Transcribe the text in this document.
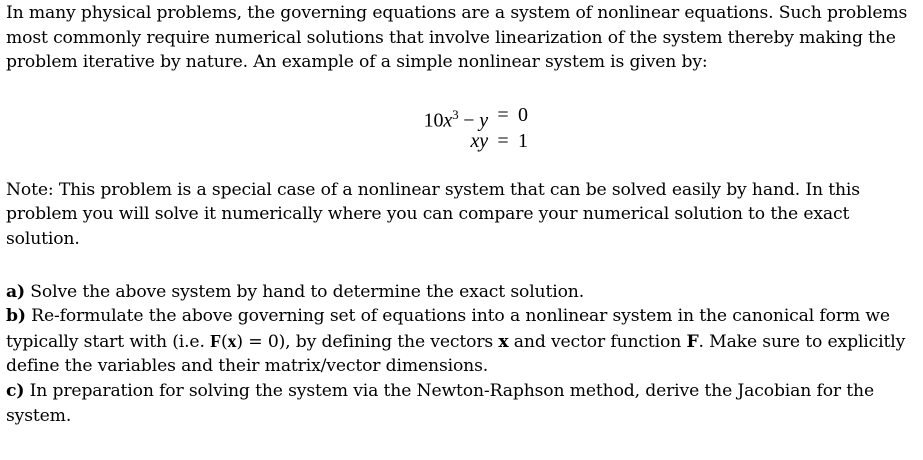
In many physical problems, the governing equations are a system of nonlinear equations. Such problems most commonly require numerical solutions that involve linearization of the system thereby making the problem iterative by nature. An example of a simple nonlinear system is given by:

$10x^3 - y = 0$
xy = 1

Note: This problem is a special case of a nonlinear system that can be solved easily by hand. In this problem you will solve it numerically where you can compare your numerical solution to the exact solution.

a) Solve the above system by hand to determine the exact solution.

b) Re-formulate the above governing set of equations into a nonlinear system in the canonical form we typically start with (i.e. F(x) = 0), by defining the vectors x and vector function F. Make sure to explicitly define the variables and their matrix/vector dimensions.

c) In preparation for solving the system via the Newton-Raphson method, derive the Jacobian for the system.
